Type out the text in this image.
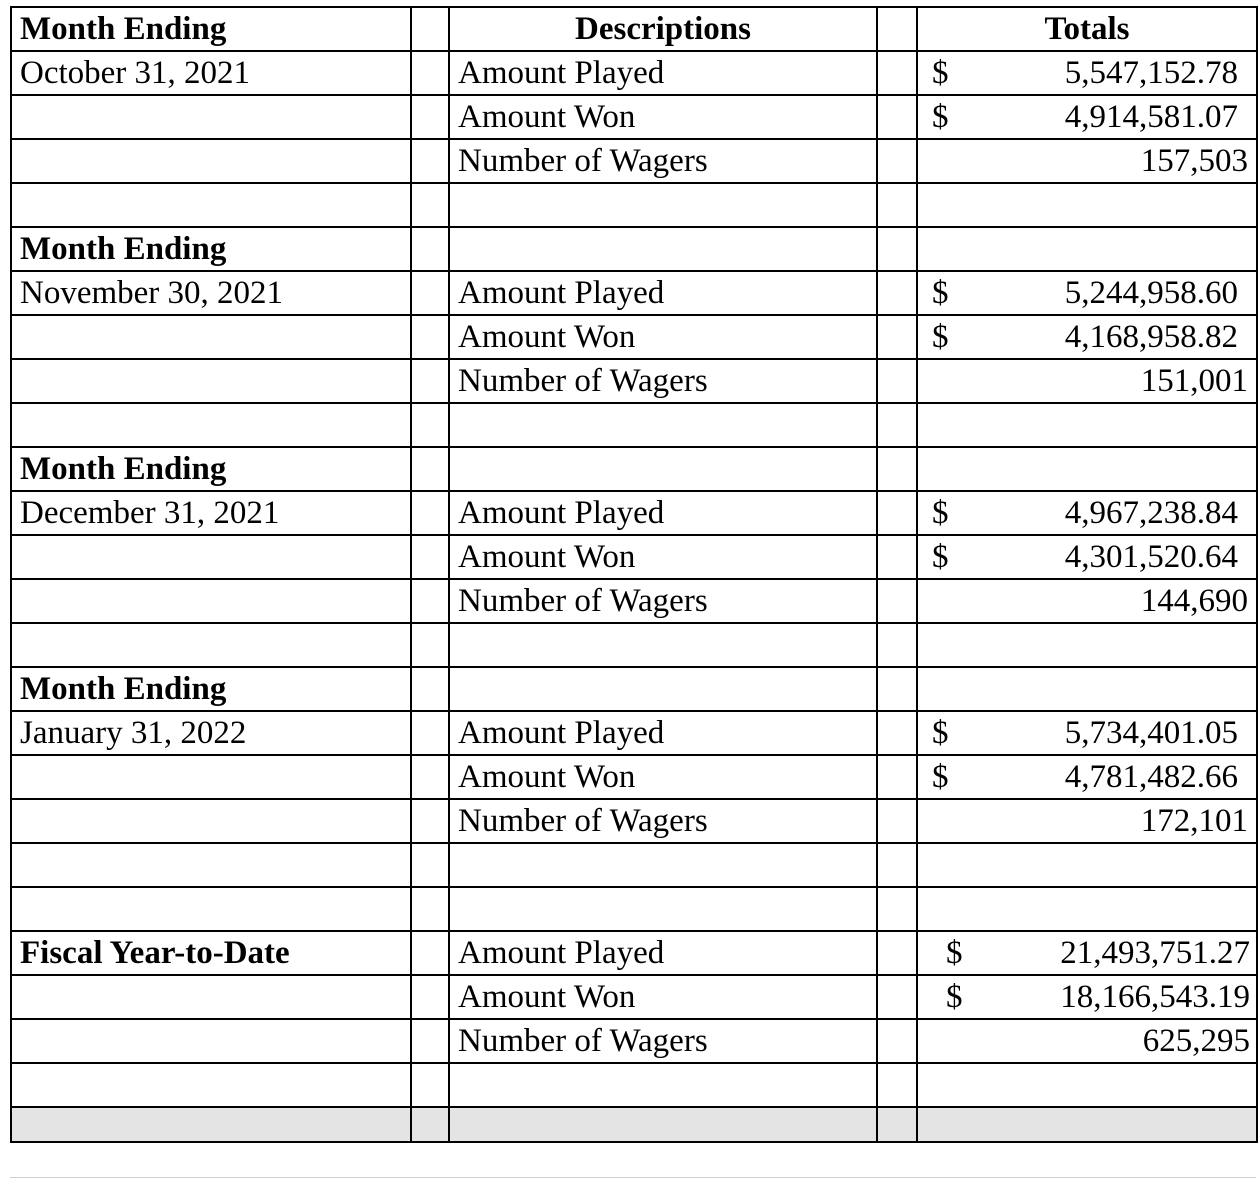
Month Ending		Descriptions		Totals
October 31, 2021		Amount Played		$ 5,547,152.78

		Amount Won		$ 4,914,581.07

		Number of Wagers		157,503

Month Ending				
November 30, 2021		Amount Played		$ 5,244,958.60

		Amount Won		$ 4,168,958.82

		Number of Wagers		151,001

Month Ending				
December 31, 2021		Amount Played		$ 4,967,238.84

		Amount Won		$ 4,301,520.64

		Number of Wagers		144,690

Month Ending				
January 31, 2022		Amount Played		$ 5,734,401.05

		Amount Won		$ 4,781,482.66

		Number of Wagers		172,101

Fiscal Year-to-Date		Amount Played		$ 21,493,751.27

		Amount Won		$ 18,166,543.19

		Number of Wagers		625,295
